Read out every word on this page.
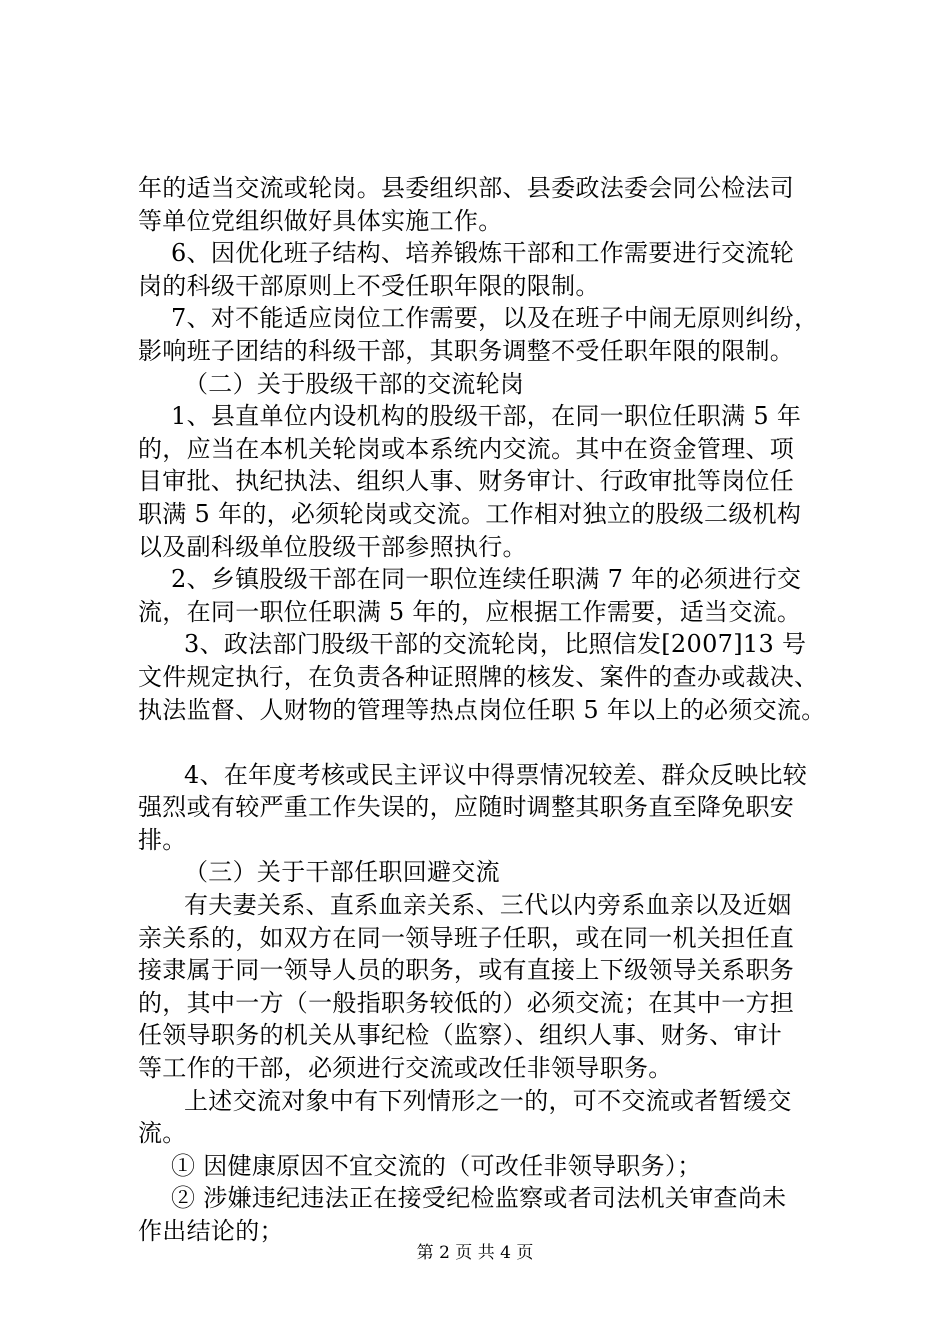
年的适当交流或轮岗。县委组织部、县委政法委会同公检法司
等单位党组织做好具体实施工作。
6、因优化班子结构、培养锻炼干部和工作需要进行交流轮
岗的科级干部原则上不受任职年限的限制。
7、对不能适应岗位工作需要，以及在班子中闹无原则纠纷，
影响班子团结的科级干部，其职务调整不受任职年限的限制。
（二）关于股级干部的交流轮岗
1、县直单位内设机构的股级干部，在同一职位任职满 5 年
的，应当在本机关轮岗或本系统内交流。其中在资金管理、项
目审批、执纪执法、组织人事、财务审计、行政审批等岗位任
职满 5 年的，必须轮岗或交流。工作相对独立的股级二级机构
以及副科级单位股级干部参照执行。
2、乡镇股级干部在同一职位连续任职满 7 年的必须进行交
流，在同一职位任职满 5 年的，应根据工作需要，适当交流。
3、政法部门股级干部的交流轮岗，比照信发[2007]13 号
文件规定执行，在负责各种证照牌的核发、案件的查办或裁决、
执法监督、人财物的管理等热点岗位任职 5 年以上的必须交流。
4、在年度考核或民主评议中得票情况较差、群众反映比较
强烈或有较严重工作失误的，应随时调整其职务直至降免职安
排。
（三）关于干部任职回避交流
有夫妻关系、直系血亲关系、三代以内旁系血亲以及近姻
亲关系的，如双方在同一领导班子任职，或在同一机关担任直
接隶属于同一领导人员的职务，或有直接上下级领导关系职务
的，其中一方（一般指职务较低的）必须交流；在其中一方担
任领导职务的机关从事纪检（监察）、组织人事、财务、审计
等工作的干部，必须进行交流或改任非领导职务。
上述交流对象中有下列情形之一的，可不交流或者暂缓交
流。
① 因健康原因不宜交流的（可改任非领导职务）；
② 涉嫌违纪违法正在接受纪检监察或者司法机关审查尚未
作出结论的；
第 2 页 共 4 页
